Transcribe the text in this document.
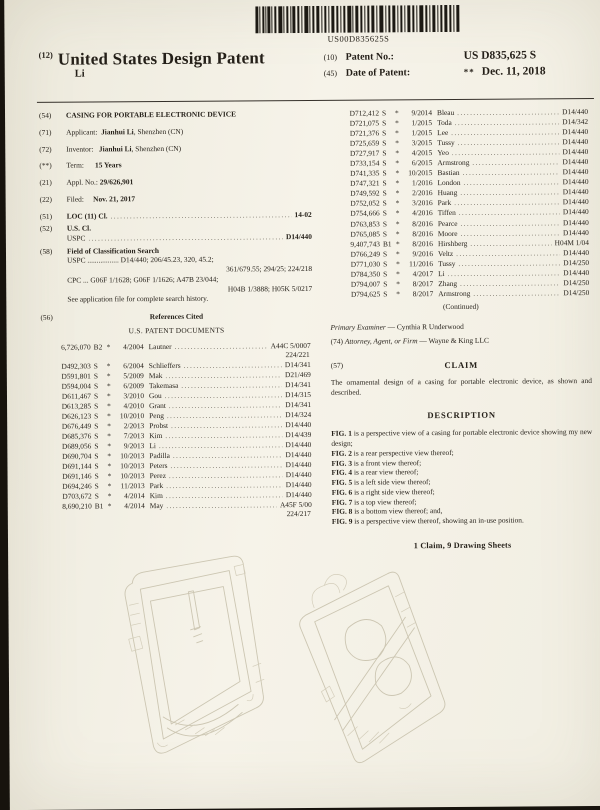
US00D835625S
$^{(12)}$ United States Design Patent
Li
(10) Patent No.:	US D835,625 S
(45) Date of Patent:	** Dec. 11, 2018
(54)	CASING FOR PORTABLE ELECTRONIC DEVICE
(71)	Applicant: Jianhui Li, Shenzhen (CN)
(72)	Inventor: Jianhui Li, Shenzhen (CN)
(**)	Term: 15 Years
(21)	Appl. No.: 29/626,901
(22)	Filed: Nov. 21, 2017
(51)	LOC (11) Cl. .....	14-02
(52)	U.S. Cl.
USPC .....	D14/440
(58)	Field of Classification Search
USPC ................. D14/440; 206/45.23, 320, 45.2;
361/679.55; 294/25; 224/218
CPC ... G06F 1/1628; G06F 1/1626; A47B 23/044;
H04B 1/3888; H05K 5/0217
See application file for complete search history.
(56)	References Cited
U.S. PATENT DOCUMENTS
6,726,070 B2 *	4/2004 Lautner .....	A44C 5/0007
224/221
D492,303 S	*	6/2004 Schlieffers .....	D14/341
D591,801 S	*	5/2009 Mak .....	D21/469
D594,004 S	*	6/2009 Takemasa .....	D14/341
D611,467 S	*	3/2010 Gou .....	D14/315
D613,285 S	*	4/2010 Grant .....	D14/341
D626,123 S	*	10/2010 Peng .....	D14/324
D676,449 S	*	2/2013 Probst .....	D14/440
D685,376 S	*	7/2013 Kim .....	D14/439
D689,056 S	*	9/2013 Li .....	D14/440
D690,704 S	*	10/2013 Padilla .....	D14/440
D691,144 S	*	10/2013 Peters .....	D14/440
D691,146 S	*	10/2013 Perez .....	D14/440
D694,246 S	*	11/2013 Park .....	D14/440
D703,672 S	*	4/2014 Kim .....	D14/440
8,690,210 B1 *	4/2014 May .....	A45F 5/00
224/217
D712,412 S	*	9/2014 Bleau .....	D14/440
D721,075 S	*	1/2015 Toda .....	D14/342
D721,376 S	*	1/2015 Lee .....	D14/440
D725,659 S	*	3/2015 Tussy .....	D14/440
D727,917 S	*	4/2015 Yeo .....	D14/440
D733,154 S	*	6/2015 Armstrong .....	D14/440
D741,335 S	*	10/2015 Bastian .....	D14/440
D747,321 S	*	1/2016 London .....	D14/440
D749,592 S	*	2/2016 Huang .....	D14/440
D752,052 S	*	3/2016 Park .....	D14/440
D754,666 S	*	4/2016 Tiffen .....	D14/440
D763,853 S	*	8/2016 Pearce .....	D14/440
D765,085 S	*	8/2016 Moore .....	D14/440
9,407,743 B1 *	8/2016 Hirshberg .....	H04M 1/04
D766,249 S	*	9/2016 Veltz .....	D14/440
D771,030 S	*	11/2016 Tussy .....	D14/250
D784,350 S	*	4/2017 Li .....	D14/440
D794,007 S	*	8/2017 Zhang .....	D14/250
D794,625 S	*	8/2017 Armstrong .....	D14/250
(Continued)
Primary Examiner — Cynthia R Underwood
(74) Attorney, Agent, or Firm — Wayne & King LLC
(57)	CLAIM
The ornamental design of a casing for portable electronic device, as shown and described.
DESCRIPTION
FIG. 1 is a perspective view of a casing for portable electronic device showing my new design;
FIG. 2 is a rear perspective view thereof;
FIG. 3 is a front view thereof;
FIG. 4 is a rear view thereof;
FIG. 5 is a left side view thereof;
FIG. 6 is a right side view thereof;
FIG. 7 is a top view thereof;
FIG. 8 is a bottom view thereof; and,
FIG. 9 is a perspective view thereof, showing an in-use position.
1 Claim, 9 Drawing Sheets
